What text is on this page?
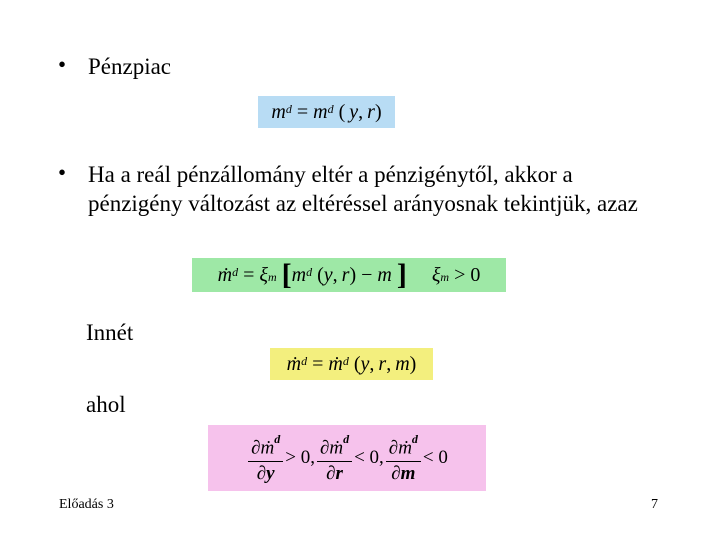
• Pénzpiac
m $^d$ = m $^d$ (  y ,  r )
• Ha a reál pénzállomány eltér a pénzigénytől, akkor a pénzigény változást az eltéréssel arányosnak tekintjük, azaz
ṁ $^d$ = ξ $_m$
[ m $^d$ ( y ,  r ) − m
]
ξ $_m$ > 0
Innét
ṁ $^d$ = ṁ $^d$ ( y ,  r ,  m )
ahol
$\frac{\partial ṁ^d}{\partial y} > 0$, $\frac{\partial ṁ^d}{\partial r} < 0$, $\frac{\partial ṁ^d}{\partial m} < 0$
Előadás 3	7
